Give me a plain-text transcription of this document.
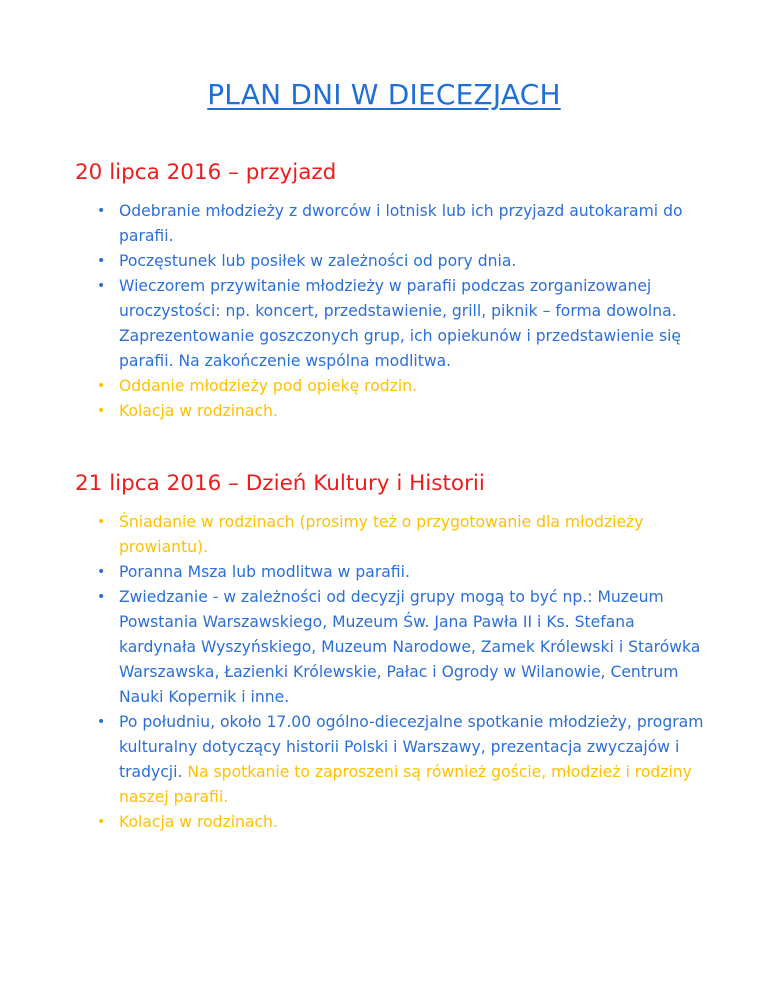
PLAN DNI W DIECEZJACH
20 lipca 2016 – przyjazd
• Odebranie młodzieży z dworców i lotnisk lub ich przyjazd autokarami do parafii.
• Poczęstunek lub posiłek w zależności od pory dnia.
• Wieczorem przywitanie młodzieży w parafii podczas zorganizowanej uroczystości: np. koncert, przedstawienie, grill, piknik – forma dowolna. Zaprezentowanie goszczonych grup, ich opiekunów i przedstawienie się parafii. Na zakończenie wspólna modlitwa.
• Oddanie młodzieży pod opiekę rodzin.
• Kolacja w rodzinach.
21 lipca 2016 – Dzień Kultury i Historii
• Śniadanie w rodzinach (prosimy też o przygotowanie dla młodzieży prowiantu).
• Poranna Msza lub modlitwa w parafii.
• Zwiedzanie - w zależności od decyzji grupy mogą to być np.: Muzeum Powstania Warszawskiego, Muzeum Św. Jana Pawła II i Ks. Stefana kardynała Wyszyńskiego, Muzeum Narodowe, Zamek Królewski i Starówka Warszawska, Łazienki Królewskie, Pałac i Ogrody w Wilanowie, Centrum Nauki Kopernik i inne.
• Po południu, około 17.00 ogólno-diecezjalne spotkanie młodzieży, program kulturalny dotyczący historii Polski i Warszawy, prezentacja zwyczajów i tradycji. Na spotkanie to zaproszeni są również goście, młodzież i rodziny naszej parafii.
• Kolacja w rodzinach.
